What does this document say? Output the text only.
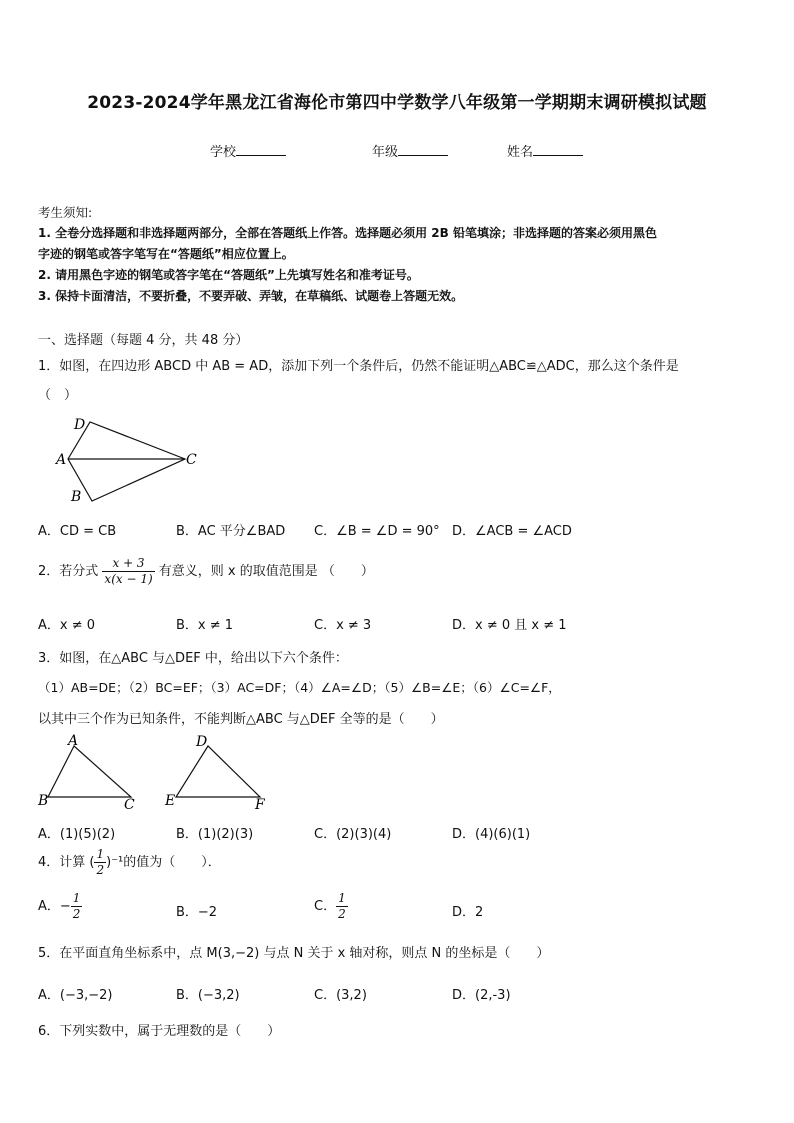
2023-2024学年黑龙江省海伦市第四中学数学八年级第一学期期末调研模拟试题
学校	年级	姓名
考生须知:
1. 全卷分选择题和非选择题两部分，全部在答题纸上作答。选择题必须用 2B 铅笔填涂；非选择题的答案必须用黑色
字迹的钢笔或答字笔写在“答题纸”相应位置上。
2. 请用黑色字迹的钢笔或答字笔在“答题纸”上先填写姓名和准考证号。
3. 保持卡面清洁，不要折叠，不要弄破、弄皱，在草稿纸、试题卷上答题无效。
一、选择题（每题 4 分，共 48 分）
1．如图，在四边形 ABCD 中 AB = AD，添加下列一个条件后，仍然不能证明△ABC≌△ADC，那么这个条件是
（　）
D
A	C
B
A．CD = CB	B．AC 平分∠BAD C．∠B = ∠D = 90° D．∠ACB = ∠ACD
2．若分式 $\frac{x + 3}{x(x - 1)}$ 有意义，则 x 的取值范围是 （　　）
A．x ≠ 0	B．x ≠ 1	C．x ≠ 3	D．x ≠ 0 且 x ≠ 1
3．如图，在△ABC 与△DEF 中，给出以下六个条件：
（1）AB=DE；（2）BC=EF；（3）AC=DF；（4）∠A=∠D；（5）∠B=∠E；（6）∠C=∠F，
以其中三个作为已知条件，不能判断△ABC 与△DEF 全等的是（　　）
A
B	C
D
E	F
A．(1)(5)(2)	B．(1)(2)(3)	C．(2)(3)(4)	D．(4)(6)(1)
4．计算 ( $\frac{1}{2} )^{-1}$的值为（　　）．
A．− $\frac{1}{2}$	B．−2	C． $\frac{1}{2}$	D．2
5．在平面直角坐标系中，点 M(3,−2) 与点 N 关于 x 轴对称，则点 N 的坐标是（　　）
A．(−3,−2)	B．(−3,2)	C．(3,2)	D．(2,-3)
6．下列实数中，属于无理数的是（　　）
